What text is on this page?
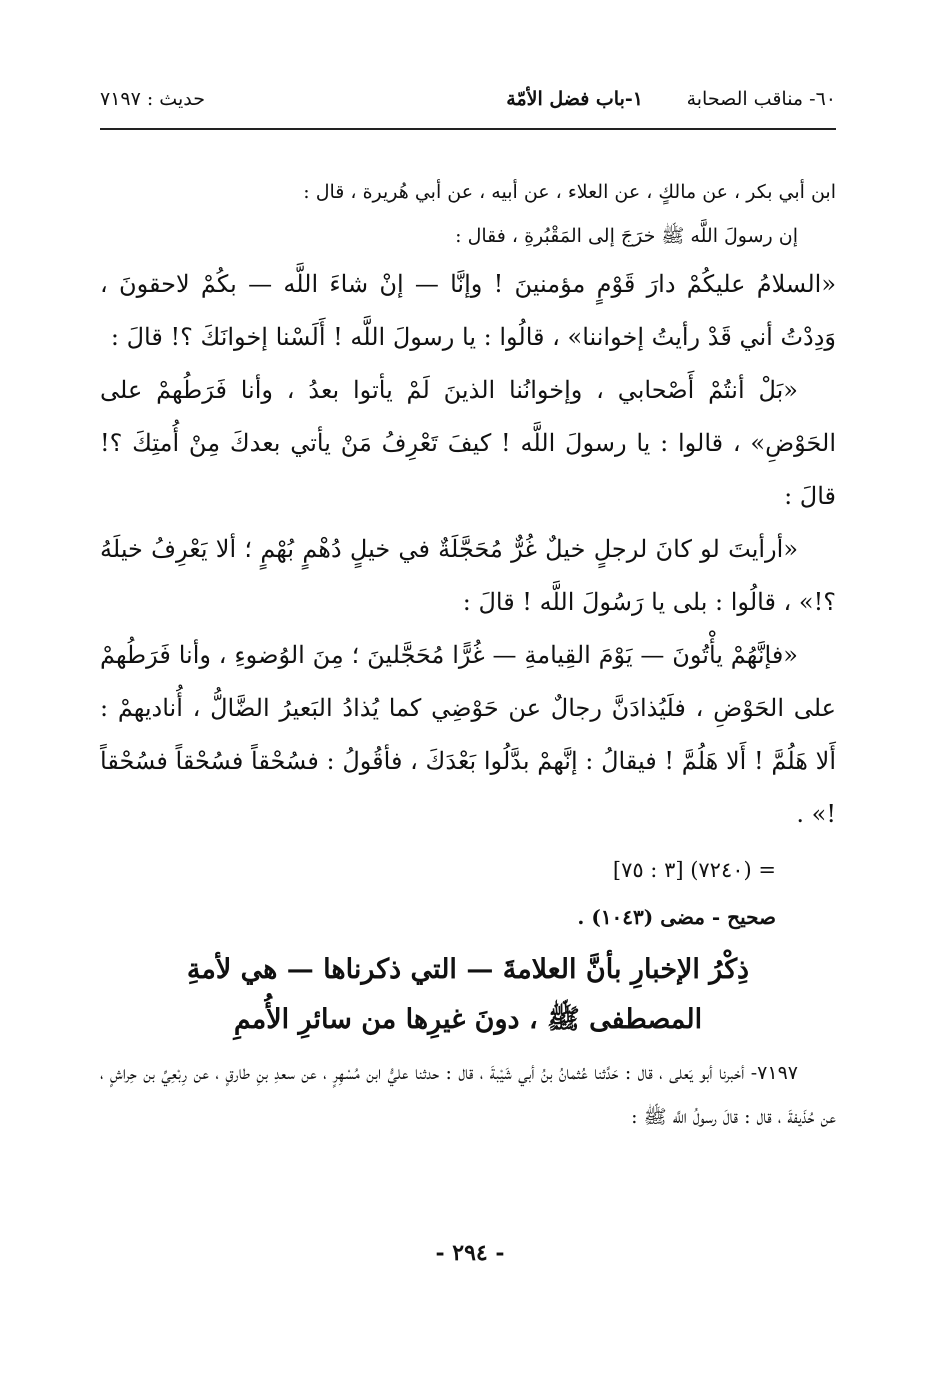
٦٠- مناقب الصحابة
١-باب فضل الأمّة
حديث : ٧١٩٧

ابن أبي بكر ، عن مالكٍ ، عن العلاء ، عن أبيه ، عن أبي هُريرة ، قال :

إن رسولَ اللَّه ﷺ خرَجَ إلى المَقْبُرةِ ، فقال :

«السلامُ عليكُمْ دارَ قَوْمٍ مؤمنينَ ! وإنَّا — إنْ شاءَ اللَّه — بكُمْ لاحقونَ ، وَدِدْتُ أني قَدْ رأيتُ إخواننا» ، قالُوا : يا رسولَ اللَّه ! أَلَسْنا إخوانَكَ ؟! قالَ :

«بَلْ أنتُمْ أَصْحابي ، وإخوانُنا الذينَ لَمْ يأتوا بعدُ ، وأنا فَرَطُهمْ على الحَوْضِ» ، قالوا : يا رسولَ اللَّه ! كيفَ تَعْرِفُ مَنْ يأتي بعدكَ مِنْ أُمتِكَ ؟! قالَ :

«أرأيتَ لو كانَ لرجلٍ خيلٌ غُرٌّ مُحَجَّلَةٌ في خيلٍ دُهْمٍ بُهْمٍ ؛ ألا يَعْرِفُ خيلَهُ ؟!» ، قالُوا : بلى يا رَسُولَ اللَّه ! قالَ :

«فإنَّهُمْ يأْتُونَ — يَوْمَ القِيامةِ — غُرًّا مُحَجَّلينَ ؛ مِنَ الوُضوءِ ، وأنا فَرَطُهمْ على الحَوْضِ ، فلَيُذادَنَّ رجالٌ عن حَوْضِي كما يُذادُ البَعيرُ الضَّالُّ ، أُناديهمْ : أَلا هَلُمَّ ! أَلا هَلُمَّ ! فيقالُ : إنَّهمْ بدَّلُوا بَعْدَكَ ، فأقُولُ : فسُحْقاً فسُحْقاً فسُحْقاً !» .

= (٧٢٤٠) [٣ : ٧٥]

صحيح - مضى (١٠٤٣) .

ذِكْرُ الإخبارِ بأنَّ العلامةَ — التي ذكرناها — هي لأمةِ
المصطفى ﷺ ، دونَ غيرِها من سائرِ الأُممِ

٧١٩٧- أخبرنا أبو يَعلى ، قال : حَدَّثنا عُثمانُ بنُ أبي شَيْبةَ ، قال : حدثنا عليُّ ابن مُسْهِرٍ ، عن سعدِ بنِ طارقٍ ، عن رِبْعِيِّ بن حِراشٍ ، عن حُذَيفةَ ، قال : قالَ رسولُ اللَّه ﷺ :

- ٢٩٤ -
